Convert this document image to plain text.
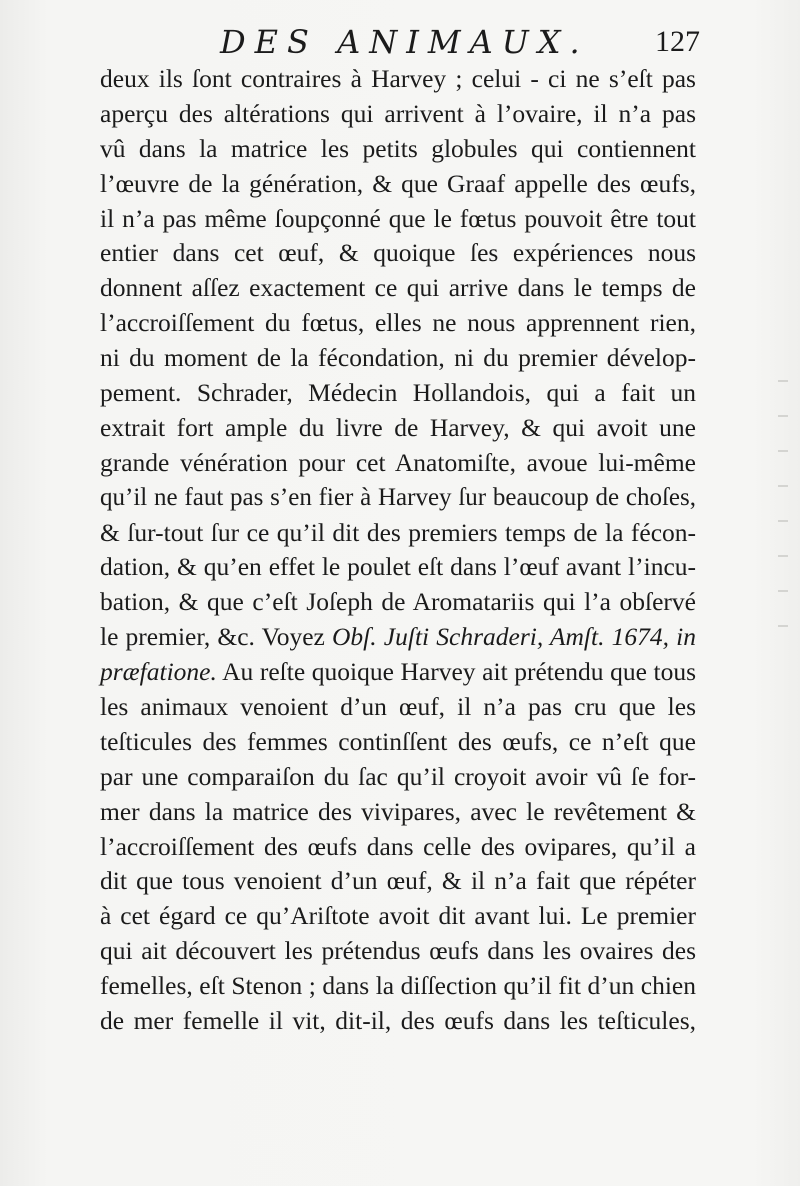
DES ANIMAUX. 127
deux ils ſont contraires à Harvey ; celui - ci ne s’eſt pas
aperçu des altérations qui arrivent à l’ovaire, il n’a pas
vû dans la matrice les petits globules qui contiennent
l’œuvre de la génération, & que Graaf appelle des œufs,
il n’a pas même ſoupçonné que le fœtus pouvoit être tout
entier dans cet œuf, & quoique ſes expériences nous
donnent aſſez exactement ce qui arrive dans le temps de
l’accroiſſement du fœtus, elles ne nous apprennent rien,
ni du moment de la fécondation, ni du premier dévelop-
pement. Schrader, Médecin Hollandois, qui a fait un
extrait fort ample du livre de Harvey, & qui avoit une
grande vénération pour cet Anatomiſte, avoue lui-même
qu’il ne faut pas s’en fier à Harvey ſur beaucoup de choſes,
& ſur-tout ſur ce qu’il dit des premiers temps de la fécon-
dation, & qu’en effet le poulet eſt dans l’œuf avant l’incu-
bation, & que c’eſt Joſeph de Aromatariis qui l’a obſervé
le premier, &c. Voyez Obſ. Juſti Schraderi, Amſt. 1674, in
præfatione. Au reſte quoique Harvey ait prétendu que tous
les animaux venoient d’un œuf, il n’a pas cru que les
teſticules des femmes continſſent des œufs, ce n’eſt que
par une comparaiſon du ſac qu’il croyoit avoir vû ſe for-
mer dans la matrice des vivipares, avec le revêtement &
l’accroiſſement des œufs dans celle des ovipares, qu’il a
dit que tous venoient d’un œuf, & il n’a fait que répéter
à cet égard ce qu’Ariſtote avoit dit avant lui. Le premier
qui ait découvert les prétendus œufs dans les ovaires des
femelles, eſt Stenon ; dans la diſſection qu’il fit d’un chien
de mer femelle il vit, dit-il, des œufs dans les teſticules,
